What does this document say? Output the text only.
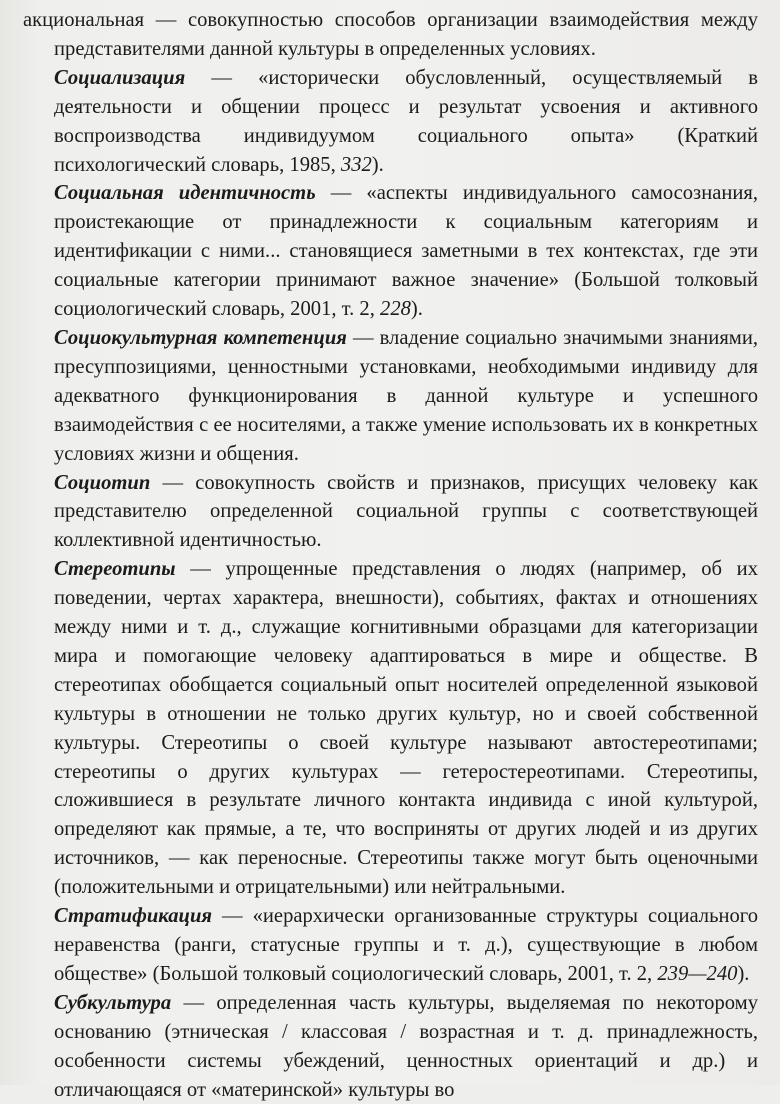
акциональная — совокупностью способов организации взаимодействия между представителями данной культуры в определенных условиях.

Социализация — «исторически обусловленный, осуществляемый в деятельности и общении процесс и результат усвоения и активного воспроизводства индивидуумом социального опыта» (Краткий психологический словарь, 1985, 332).

Социальная идентичность — «аспекты индивидуального самосознания, проистекающие от принадлежности к социальным категориям и идентификации с ними... становящиеся заметными в тех контекстах, где эти социальные категории принимают важное значение» (Большой толковый социологический словарь, 2001, т. 2, 228).

Социокультурная компетенция — владение социально значимыми знаниями, пресуппозициями, ценностными установками, необходимыми индивиду для адекватного функционирования в данной культуре и успешного взаимодействия с ее носителями, а также умение использовать их в конкретных условиях жизни и общения.

Социотип — совокупность свойств и признаков, присущих человеку как представителю определенной социальной группы с соответствующей коллективной идентичностью.

Стереотипы — упрощенные представления о людях (например, об их поведении, чертах характера, внешности), событиях, фактах и отношениях между ними и т. д., служащие когнитивными образцами для категоризации мира и помогающие человеку адаптироваться в мире и обществе. В стереотипах обобщается социальный опыт носителей определенной языковой культуры в отношении не только других культур, но и своей собственной культуры. Стереотипы о своей культуре называют автостереотипами; стереотипы о других культурах — гетеростереотипами. Стереотипы, сложившиеся в результате личного контакта индивида с иной культурой, определяют как прямые, а те, что восприняты от других людей и из других источников, — как переносные. Стереотипы также могут быть оценочными (положительными и отрицательными) или нейтральными.

Стратификация — «иерархически организованные структуры социального неравенства (ранги, статусные группы и т. д.), существующие в любом обществе» (Большой толковый социологический словарь, 2001, т. 2, 239—240).

Субкультура — определенная часть культуры, выделяемая по некоторому основанию (этническая / классовая / возрастная и т. д. принадлежность, особенности системы убеждений, ценностных ориентаций и др.) и отличающаяся от «материнской» культуры во
